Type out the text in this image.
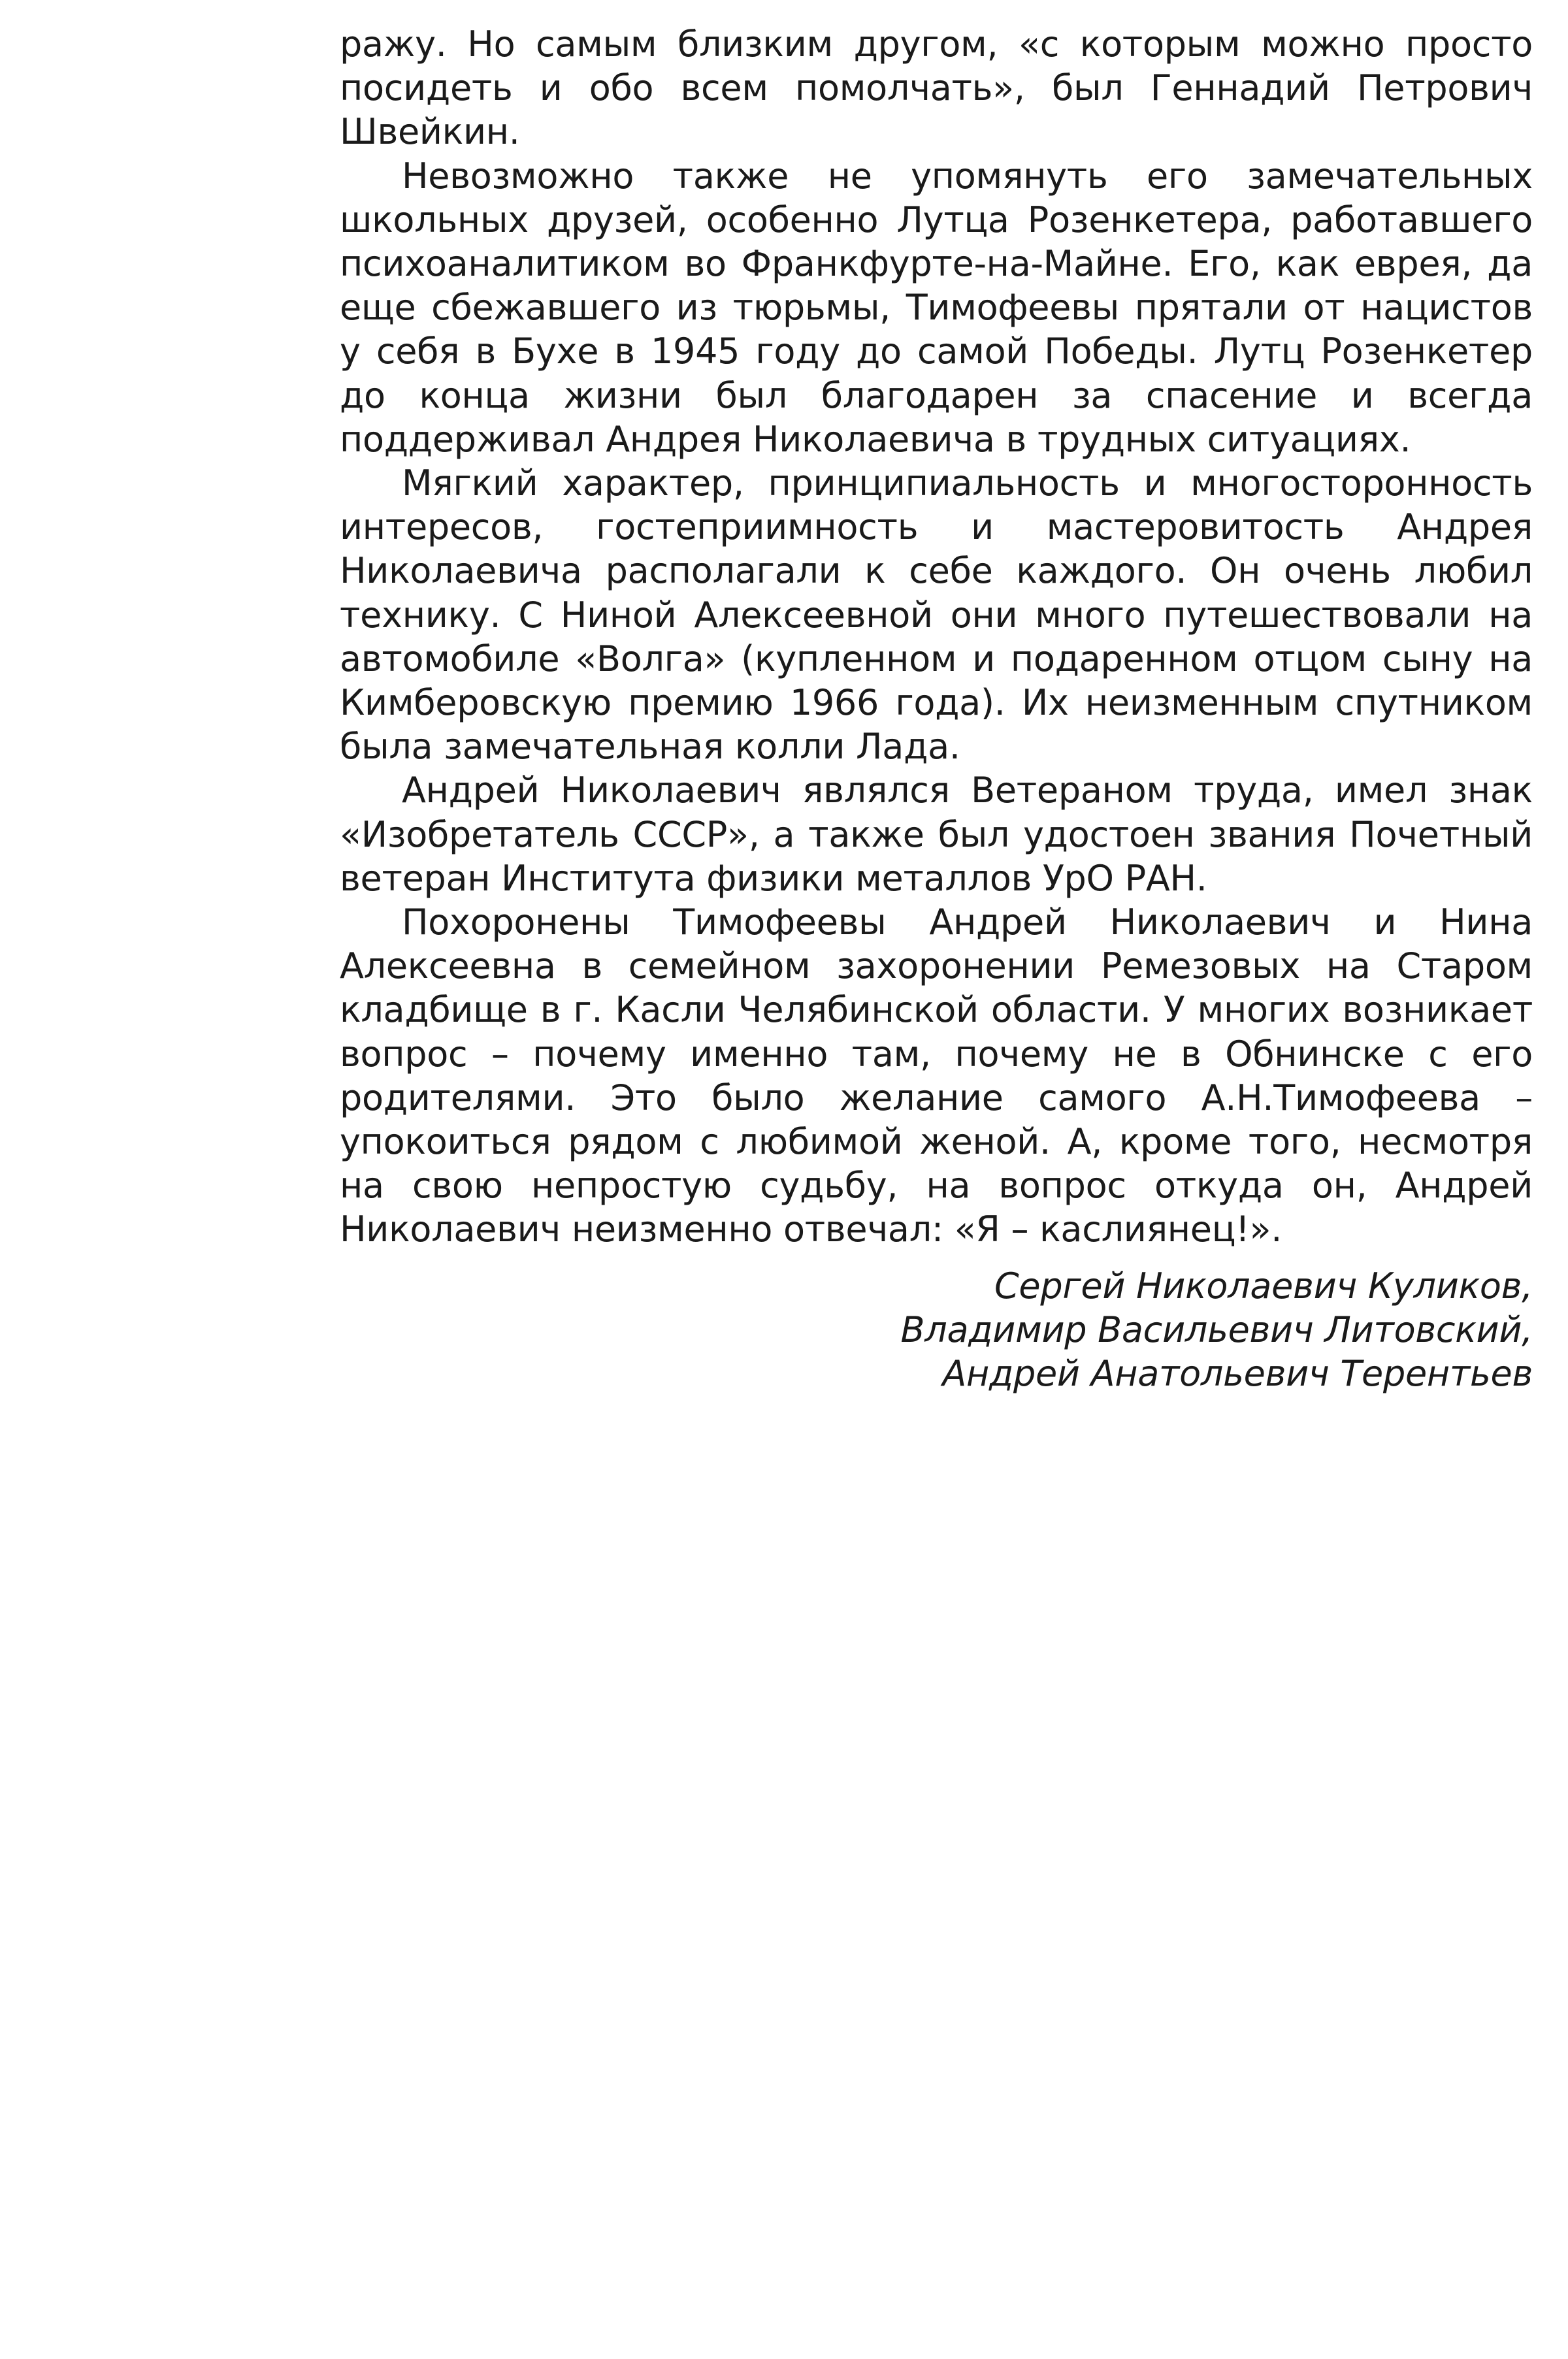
ражу. Но самым близким другом, «с которым можно просто посидеть и обо всем помолчать», был Геннадий Петрович Швейкин.

Невозможно также не упомянуть его замечательных школьных друзей, особенно Лутца Розенкетера, работавшего психоаналитиком во Франкфурте-на-Майне. Его, как еврея, да еще сбежавшего из тюрьмы, Тимофеевы прятали от нацистов у себя в Бухе в 1945 году до самой Победы. Лутц Розенкетер до конца жизни был благодарен за спасение и всегда поддерживал Андрея Николаевича в трудных ситуациях.

Мягкий характер, принципиальность и многосторонность интересов, гостеприимность и мастеровитость Андрея Николаевича располагали к себе каждого. Он очень любил технику. С Ниной Алексеевной они много путешествовали на автомобиле «Волга» (купленном и подаренном отцом сыну на Кимберовскую премию 1966 года). Их неизменным спутником была замечательная колли Лада.

Андрей Николаевич являлся Ветераном труда, имел знак «Изобретатель СССР», а также был удостоен звания Почетный ветеран Института физики металлов УрО РАН.

Похоронены Тимофеевы Андрей Николаевич и Нина Алексеевна в семейном захоронении Ремезовых на Старом кладбище в г. Касли Челябинской области. У многих возникает вопрос – почему именно там, почему не в Обнинске с его родителями. Это было желание самого А.Н.Тимофеева – упокоиться рядом с любимой женой. А, кроме того, несмотря на свою непростую судьбу, на вопрос откуда он, Андрей Николаевич неизменно отвечал: «Я – каслиянец!».

Сергей Николаевич Куликов,
Владимир Васильевич Литовский,
Андрей Анатольевич Терентьев
